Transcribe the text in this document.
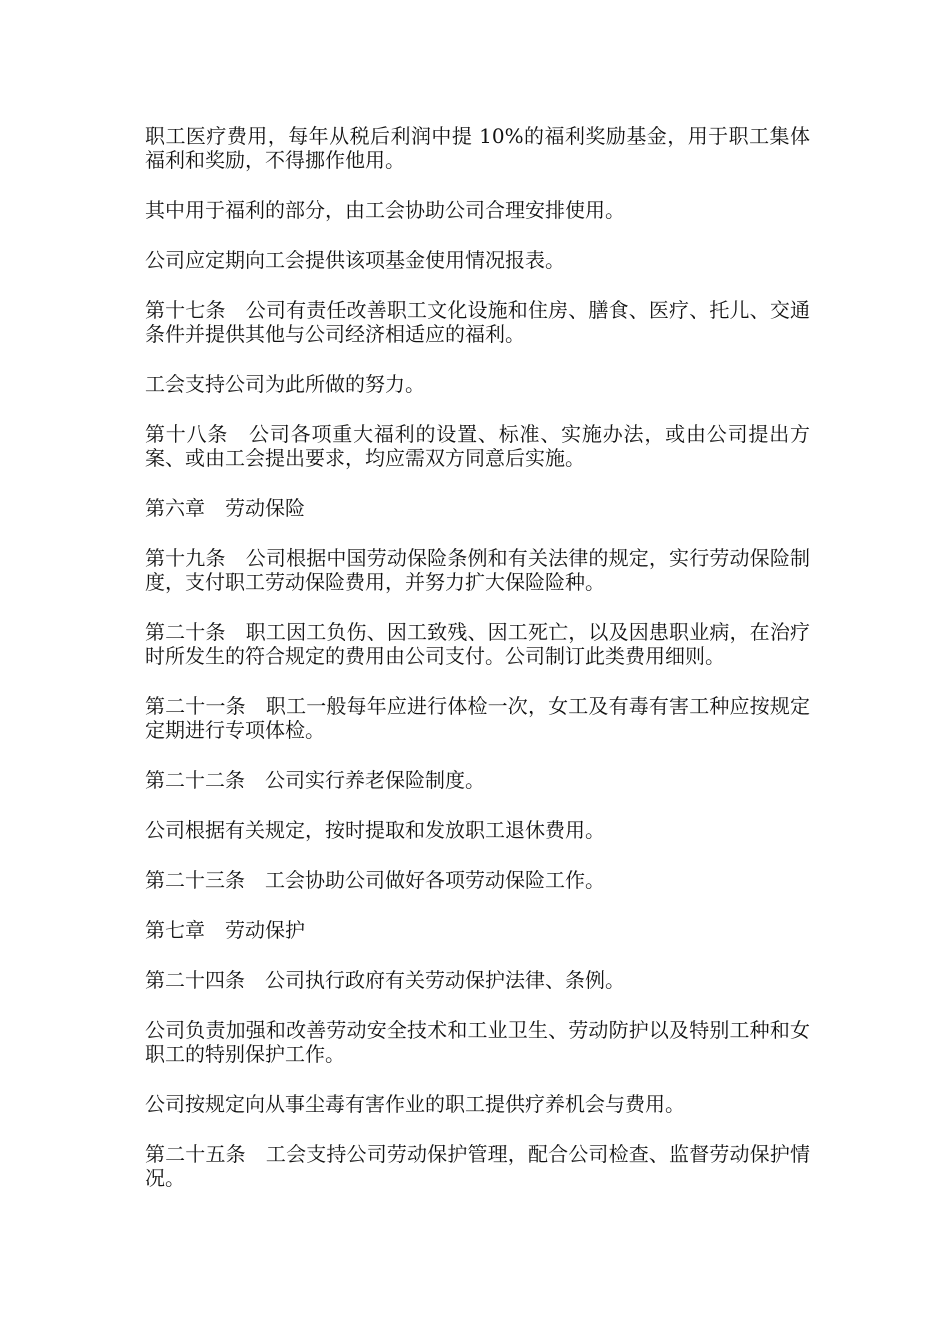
职工医疗费用，每年从税后利润中提 10%的福利奖励基金，用于职工集体福利和奖励，不得挪作他用。

其中用于福利的部分，由工会协助公司合理安排使用。

公司应定期向工会提供该项基金使用情况报表。

第十七条　公司有责任改善职工文化设施和住房、膳食、医疗、托儿、交通条件并提供其他与公司经济相适应的福利。

工会支持公司为此所做的努力。

第十八条　公司各项重大福利的设置、标准、实施办法，或由公司提出方案、或由工会提出要求，均应需双方同意后实施。

第六章　劳动保险

第十九条　公司根据中国劳动保险条例和有关法律的规定，实行劳动保险制度，支付职工劳动保险费用，并努力扩大保险险种。

第二十条　职工因工负伤、因工致残、因工死亡，以及因患职业病，在治疗时所发生的符合规定的费用由公司支付。公司制订此类费用细则。

第二十一条　职工一般每年应进行体检一次，女工及有毒有害工种应按规定定期进行专项体检。

第二十二条　公司实行养老保险制度。

公司根据有关规定，按时提取和发放职工退休费用。

第二十三条　工会协助公司做好各项劳动保险工作。

第七章　劳动保护

第二十四条　公司执行政府有关劳动保护法律、条例。

公司负责加强和改善劳动安全技术和工业卫生、劳动防护以及特别工种和女职工的特别保护工作。

公司按规定向从事尘毒有害作业的职工提供疗养机会与费用。

第二十五条　工会支持公司劳动保护管理，配合公司检查、监督劳动保护情况。
